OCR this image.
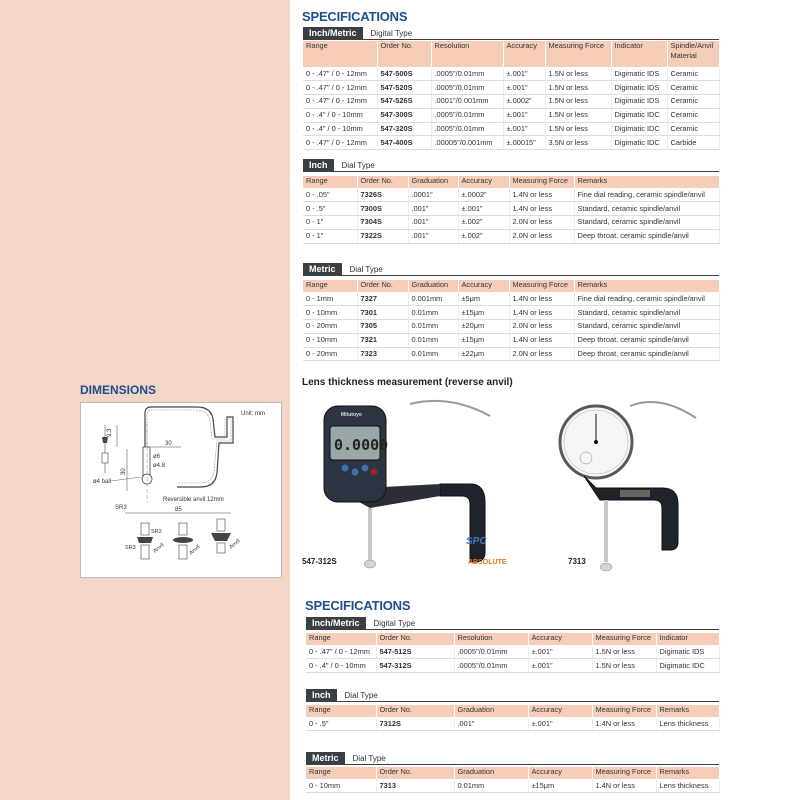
SPECIFICATIONS
Inch/Metric	Digital Type
Range	Order No.	Resolution	Accuracy	Measuring Force	Indicator	Spindle/Anvil Material
0 - .47" / 0 - 12mm	547-500S	.0005"/0.01mm	±.001"	1.5N or less	Digimatic IDS	Ceramic
0 - .47" / 0 - 12mm	547-520S	.0005"/0.01mm	±.001"	1.5N or less	Digimatic IDS	Ceramic
0 - .47" / 0 - 12mm	547-526S	.0001"/0.001mm	±.0002"	1.5N or less	Digimatic IDS	Ceramic
0 - .4" / 0 - 10mm	547-300S	.0005"/0.01mm	±.001"	1.5N or less	Digimatic IDC	Ceramic
0 - .4" / 0 - 10mm	547-320S	.0005"/0.01mm	±.001"	1.5N or less	Digimatic IDC	Ceramic
0 - .47" / 0 - 12mm	547-400S	.00005"/0.001mm	±.00015"	3.5N or less	Digimatic IDC	Carbide
Inch	Dial Type
Range	Order No.	Graduation	Accuracy	Measuring Force	Remarks
0 - .05"	7326S	.0001"	±.0002"	1.4N or less	Fine dial reading, ceramic spindle/anvil
0 - .5"	7300S	.001"	±.001"	1.4N or less	Standard, ceramic spindle/anvil
0 - 1"	7304S	.001"	±.002"	2.0N or less	Standard, ceramic spindle/anvil
0 - 1"	7322S	.001"	±.002"	2.0N or less	Deep throat, ceramic spindle/anvil
Metric	Dial Type
Range	Order No.	Graduation	Accuracy	Measuring Force	Remarks
0 - 1mm	7327	0.001mm	±5μm	1.4N or less	Fine dial reading, ceramic spindle/anvil
0 - 10mm	7301	0.01mm	±15μm	1.4N or less	Standard, ceramic spindle/anvil
0 - 20mm	7305	0.01mm	±20μm	2.0N or less	Standard, ceramic spindle/anvil
0 - 10mm	7321	0.01mm	±15μm	1.4N or less	Deep throat, ceramic spindle/anvil
0 - 20mm	7323	0.01mm	±22μm	2.0N or less	Deep throat, ceramic spindle/anvil
DIMENSIONS
Unit: mm
9.3
30
ø6
ø4.8
30
ø4 ball
Reversible anvil 12mm
SR3	85
SR2
SR3	Anvil	Anvil	Anvil
Lens thickness measurement (reverse anvil)
0.0000
Mitutoyo
547-312S
SPC
ABSOLUTE	7313
SPECIFICATIONS
Inch/Metric	Digital Type
Range	Order No.	Resolution	Accuracy	Measuring Force	Indicator
0 - .47" / 0 - 12mm	547-512S	.0005"/0.01mm	±.001"	1.5N or less	Digimatic IDS
0 - .4" / 0 - 10mm	547-312S	.0005"/0.01mm	±.001"	1.5N or less	Digimatic IDC
Inch	Dial Type
Range	Order No.	Graduation	Accuracy	Measuring Force	Remarks
0 - .5"	7312S	.001"	±.001"	1.4N or less	Lens thickness
Metric	Dial Type
Range	Order No.	Graduation	Accuracy	Measuring Force	Remarks
0 - 10mm	7313	0.01mm	±15μm	1.4N or less	Lens thickness
